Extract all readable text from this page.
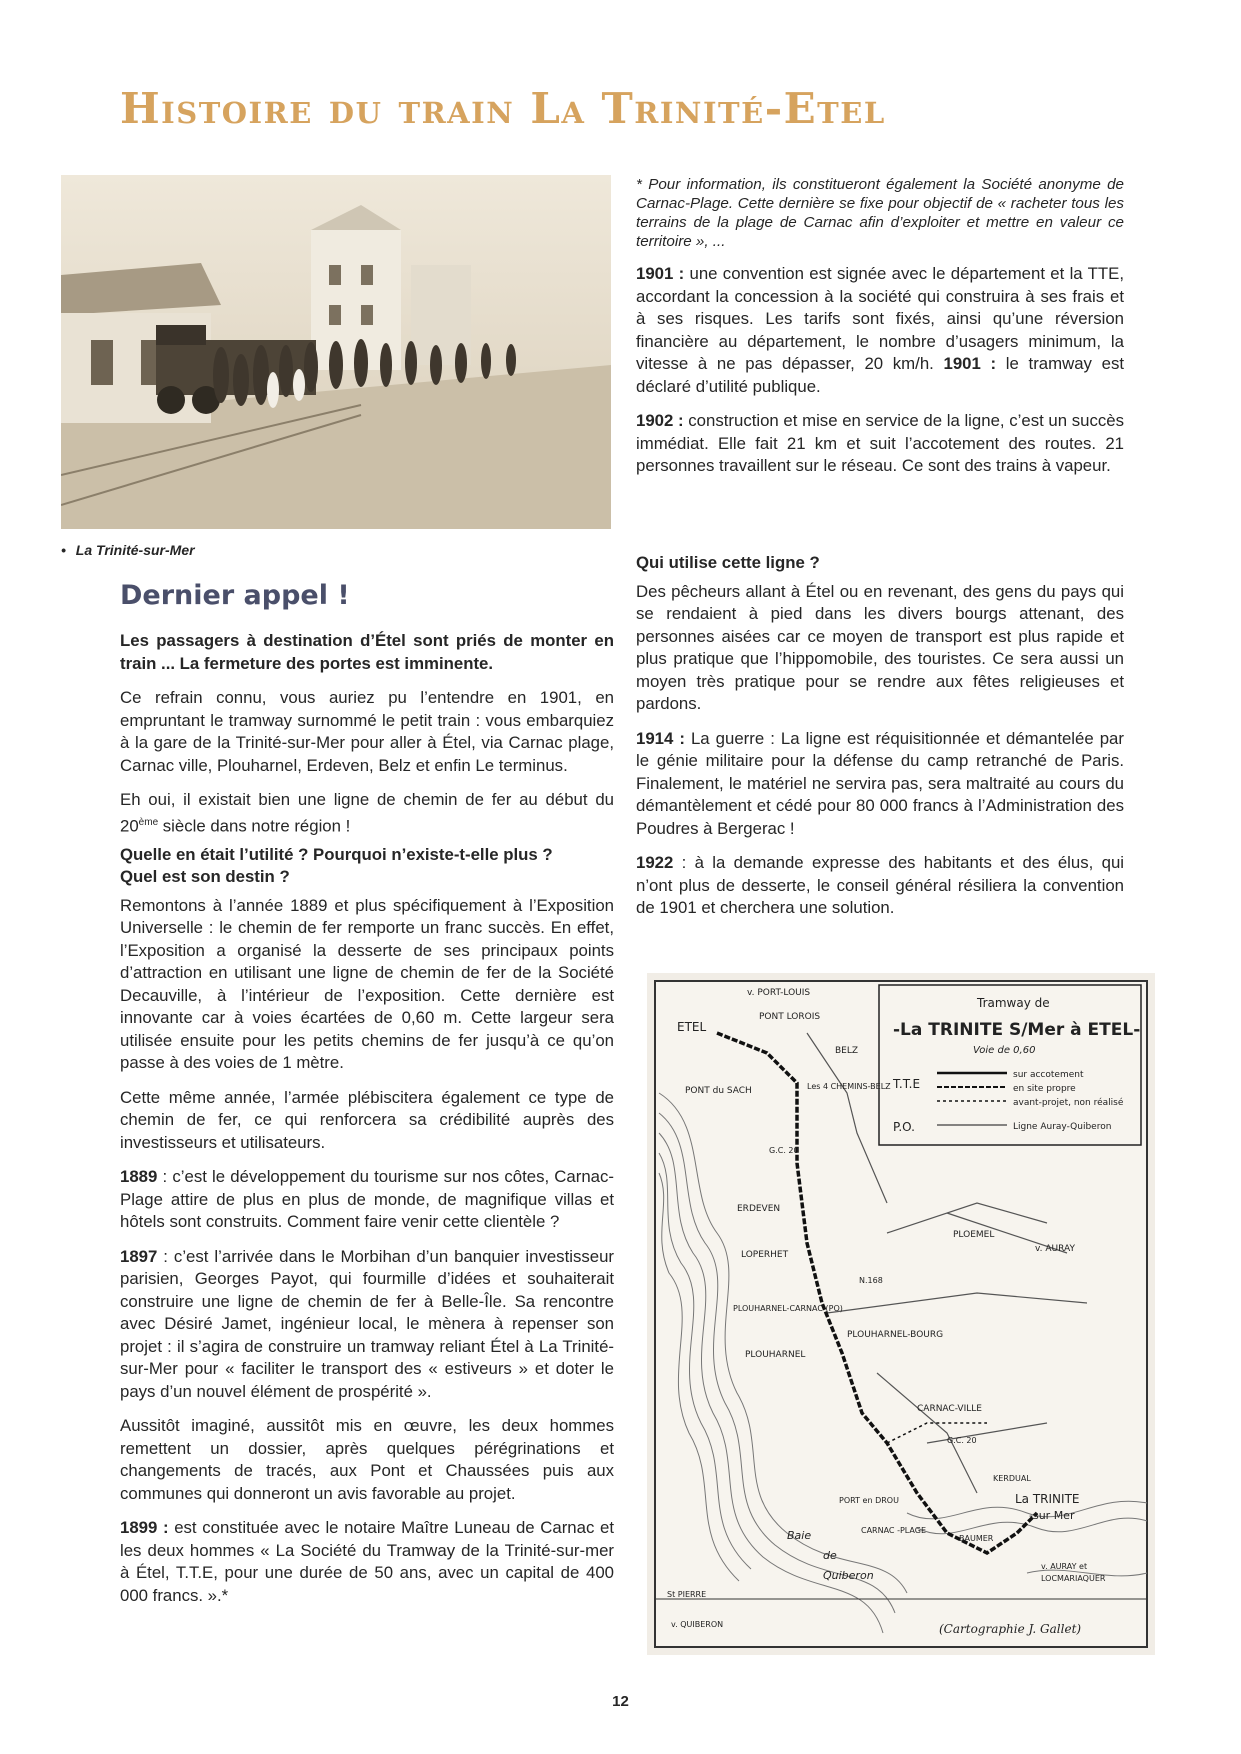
Histoire du train La Trinité-Etel
• La Trinité-sur-Mer

* Pour information, ils constitueront également la Société anonyme de Carnac-Plage. Cette dernière se fixe pour objectif de « racheter tous les terrains de la plage de Carnac afin d’exploiter et mettre en valeur ce territoire », ...

1901 : une convention est signée avec le département et la TTE, accordant la concession à la société qui construira à ses frais et à ses risques. Les tarifs sont fixés, ainsi qu’une réversion financière au département, le nombre d’usagers minimum, la vitesse à ne pas dépasser, 20 km/h. 1901 : le tramway est déclaré d’utilité publique.

1902 : construction et mise en service de la ligne, c’est un succès immédiat. Elle fait 21 km et suit l’accotement des routes. 21 personnes travaillent sur le réseau. Ce sont des trains à vapeur.

Qui utilise cette ligne ?

Des pêcheurs allant à Étel ou en revenant, des gens du pays qui se rendaient à pied dans les divers bourgs attenant, des personnes aisées car ce moyen de transport est plus rapide et plus pratique que l’hippomobile, des touristes. Ce sera aussi un moyen très pratique pour se rendre aux fêtes religieuses et pardons.

1914 : La guerre : La ligne est réquisitionnée et démantelée par le génie militaire pour la défense du camp retranché de Paris. Finalement, le matériel ne servira pas, sera maltraité au cours du démantèlement et cédé pour 80 000 francs à l’Administration des Poudres à Bergerac !

1922 : à la demande expresse des habitants et des élus, qui n’ont plus de desserte, le conseil général résiliera la convention de 1901 et cherchera une solution.

Dernier appel !

Les passagers à destination d’Étel sont priés de monter en train ... La fermeture des portes est imminente.

Ce refrain connu, vous auriez pu l’entendre en 1901, en empruntant le tramway surnommé le petit train : vous embarquiez à la gare de la Trinité-sur-Mer pour aller à Étel, via Carnac plage, Carnac ville, Plouharnel, Erdeven, Belz et enfin Le terminus.

Eh oui, il existait bien une ligne de chemin de fer au début du 20ème siècle dans notre région !

Quelle en était l’utilité ? Pourquoi n’existe-t-elle plus ?
Quel est son destin ?

Remontons à l’année 1889 et plus spécifiquement à l’Exposition Universelle : le chemin de fer remporte un franc succès. En effet, l’Exposition a organisé la desserte de ses principaux points d’attraction en utilisant une ligne de chemin de fer de la Société Decauville, à l’intérieur de l’exposition. Cette dernière est innovante car à voies écartées de 0,60 m. Cette largeur sera utilisée ensuite pour les petits chemins de fer jusqu’à ce qu’on passe à des voies de 1 mètre.

Cette même année, l’armée plébiscitera également ce type de chemin de fer, ce qui renforcera sa crédibilité auprès des investisseurs et utilisateurs.

1889 : c’est le développement du tourisme sur nos côtes, Carnac-Plage attire de plus en plus de monde, de magnifique villas et hôtels sont construits. Comment faire venir cette clientèle ?

1897 : c’est l’arrivée dans le Morbihan d’un banquier investisseur parisien, Georges Payot, qui fourmille d’idées et souhaiterait construire une ligne de chemin de fer à Belle-Île. Sa rencontre avec Désiré Jamet, ingénieur local, le mènera à repenser son projet : il s’agira de construire un tramway reliant Étel à La Trinité-sur-Mer pour « faciliter le transport des « estiveurs » et doter le pays d’un nouvel élément de prospérité ».

Aussitôt imaginé, aussitôt mis en œuvre, les deux hommes remettent un dossier, après quelques pérégrinations et changements de tracés, aux Pont et Chaussées puis aux communes qui donneront un avis favorable au projet.

1899 : est constituée avec le notaire Maître Luneau de Carnac et les deux hommes « La Société du Tramway de la Trinité-sur-mer à Étel, T.T.E, pour une durée de 50 ans, avec un capital de 400 000 francs. ».*

Tramway de
-La TRINITE S/Mer à ETEL-
Voie de 0,60
T.T.E
P.O.
sur accotement
en site propre
avant-projet, non réalisé
Ligne Auray-Quiberon
v. PORT-LOUIS
PONT LOROIS
ETEL
BELZ
PONT du SACH	Les 4 CHEMINS-BELZ
G.C. 20
ERDEVEN
LOPERHET
PLOEMEL
v. AURAY
PLOUHARNEL-CARNAC (PO)
N.168
PLOUHARNEL-BOURG
PLOUHARNEL
CARNAC-VILLE
G.C. 20
KERDUAL
La TRINITE
-sur Mer
PORT en DROU
CARNAC -PLAGE
BAUMER
Baie
de
Quiberon
St PIERRE
v. QUIBERON
v. AURAY et
LOCMARIAQUER
(Cartographie J. Gallet)
12
